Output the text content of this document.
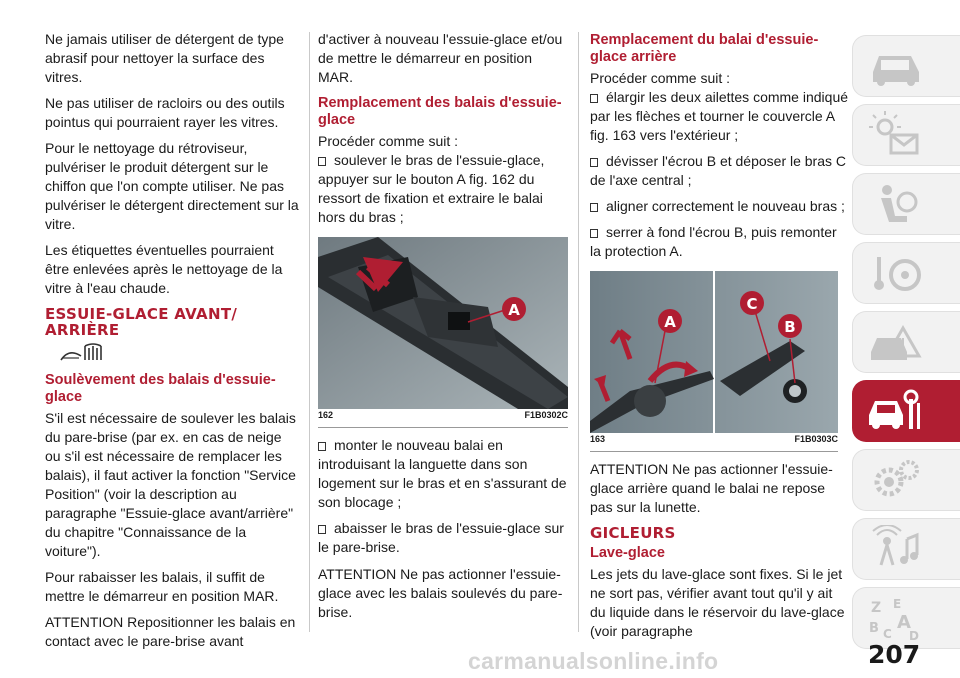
Ne jamais utiliser de détergent de type abrasif pour nettoyer la surface des vitres.

Ne pas utiliser de racloirs ou des outils pointus qui pourraient rayer les vitres.

Pour le nettoyage du rétroviseur, pulvériser le produit détergent sur le chiffon que l'on compte utiliser. Ne pas pulvériser le détergent directement sur la vitre.

Les étiquettes éventuelles pourraient être enlevées après le nettoyage de la vitre à l'eau chaude.

ESSUIE-GLACE AVANT/ ARRIÈRE
Soulèvement des balais d'essuie-glace

S'il est nécessaire de soulever les balais du pare-brise (par ex. en cas de neige ou s'il est nécessaire de remplacer les balais), il faut activer la fonction "Service Position" (voir la description au paragraphe "Essuie-glace avant/arrière" du chapitre "Connaissance de la voiture").

Pour rabaisser les balais, il suffit de mettre le démarreur en position MAR.

ATTENTION Repositionner les balais en contact avec le pare-brise avant

d'activer à nouveau l'essuie-glace et/ou de mettre le démarreur en position MAR.

Remplacement des balais d'essuie-glace

Procéder comme suit :

soulever le bras de l'essuie-glace, appuyer sur le bouton A fig. 162 du ressort de fixation et extraire le balai hors du bras ;

A
162	F1B0302C

monter le nouveau balai en introduisant la languette dans son logement sur le bras et en s'assurant de son blocage ;

abaisser le bras de l'essuie-glace sur le pare-brise.

ATTENTION Ne pas actionner l'essuie-glace avec les balais soulevés du pare-brise.

Remplacement du balai d'essuie-glace arrière

Procéder comme suit :

élargir les deux ailettes comme indiqué par les flèches et tourner le couvercle A fig. 163 vers l'extérieur ;

dévisser l'écrou B et déposer le bras C de l'axe central ;

aligner correctement le nouveau bras ;

serrer à fond l'écrou B, puis remonter la protection A.

A
C
B
163	F1B0303C

ATTENTION Ne pas actionner l'essuie-glace arrière quand le balai ne repose pas sur la lunette.

GICLEURS
Lave-glace

Les jets du lave-glace sont fixes. Si le jet ne sort pas, vérifier avant tout qu'il y ait du liquide dans le réservoir du lave-glace (voir paragraphe

Z E
B A
C D
carmanualsonline.info	207
